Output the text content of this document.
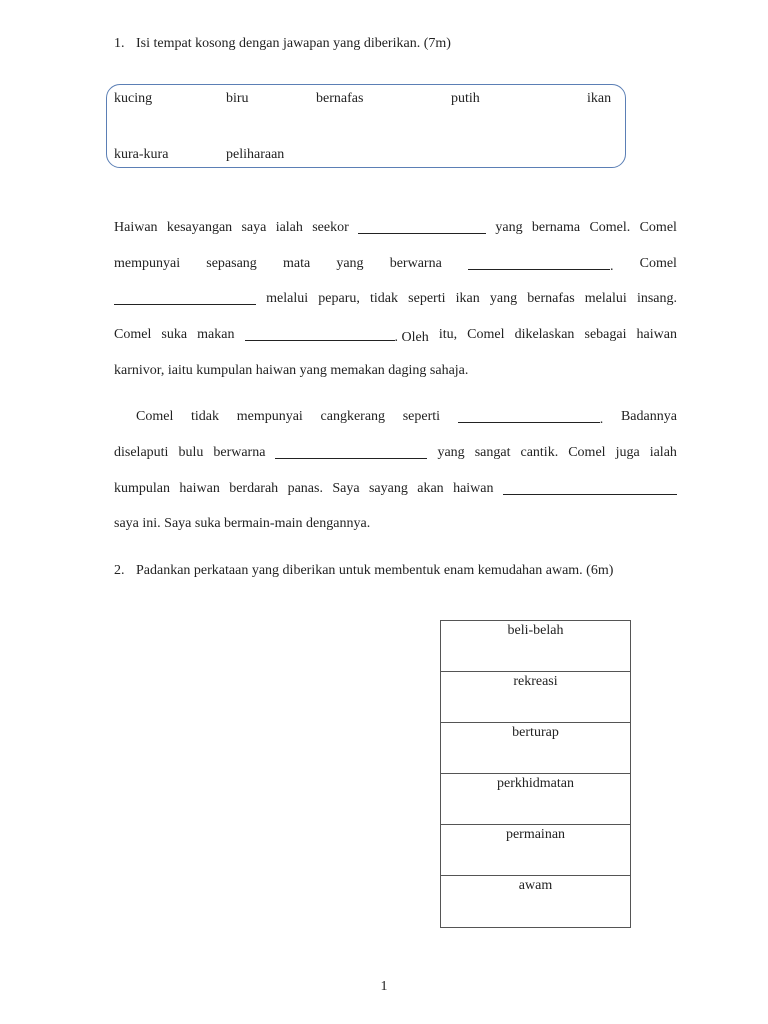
1. Isi tempat kosong dengan jawapan yang diberikan. (7m)
kucing	biru	bernafas	putih	ikan
kura-kura	peliharaan
Haiwan kesayangan saya ialah seekor	yang bernama Comel. Comel
mempunyai sepasang mata yang berwarna	. Comel
melalui peparu, tidak seperti ikan yang bernafas melalui insang.
Comel suka makan	. Oleh itu, Comel dikelaskan sebagai haiwan
karnivor, iaitu kumpulan haiwan yang memakan daging sahaja.
Comel tidak mempunyai cangkerang seperti	. Badannya
diselaputi bulu berwarna	yang sangat cantik. Comel juga ialah
kumpulan haiwan berdarah panas. Saya sayang akan haiwan
saya ini. Saya suka bermain-main dengannya.
2. Padankan perkataan yang diberikan untuk membentuk enam kemudahan awam. (6m)
beli-belah
rekreasi
berturap
perkhidmatan
permainan
awam
1
